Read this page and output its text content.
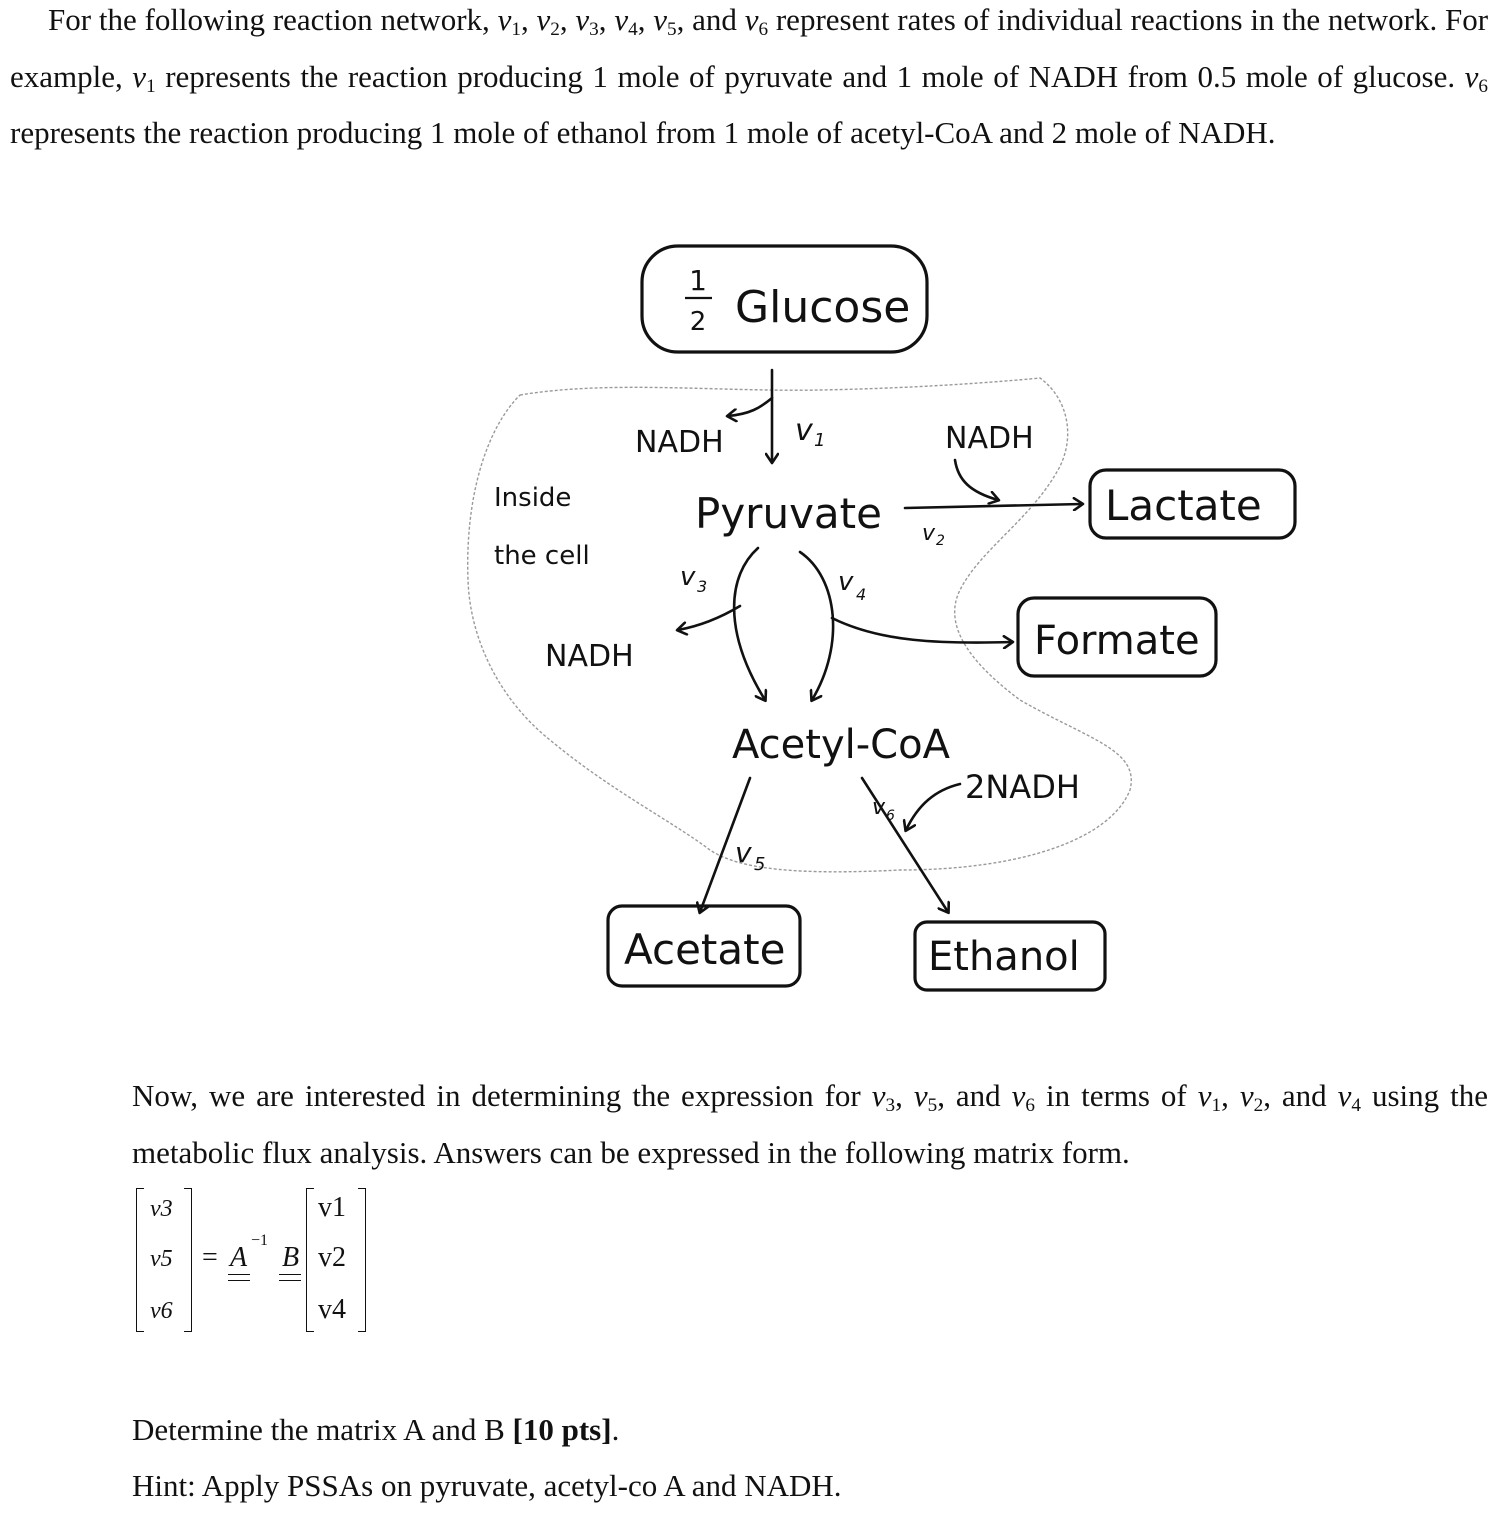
For the following reaction network, $v_1$, $v_2$, $v_3$, $v_4$, $v_5$, and $v_6$ represent rates of individual reactions in the network. For example, $v_1$ represents the reaction producing 1 mole of pyruvate and 1 mole of NADH from 0.5 mole of glucose. $v_6$ represents the reaction producing 1 mole of ethanol from 1 mole of acetyl-CoA and 2 mole of NADH.

1
2 Glucose
NADH v 1
Inside
the cell
Pyruvate
NADH
v 2
Lactate
NADH
v 3	v 4
Formate
Acetyl-CoA
v 5
Acetate
2NADH
v 6
Ethanol

Now, we are interested in determining the expression for $v_3$, $v_5$, and $v_6$ in terms of $v_1$, $v_2$, and $v_4$ using the metabolic flux analysis. Answers can be expressed in the following matrix form.

v3
v5
v6
= A
−1
B
v1
v2
v4

Determine the matrix A and B [10 pts].

Hint: Apply PSSAs on pyruvate, acetyl-co A and NADH.
